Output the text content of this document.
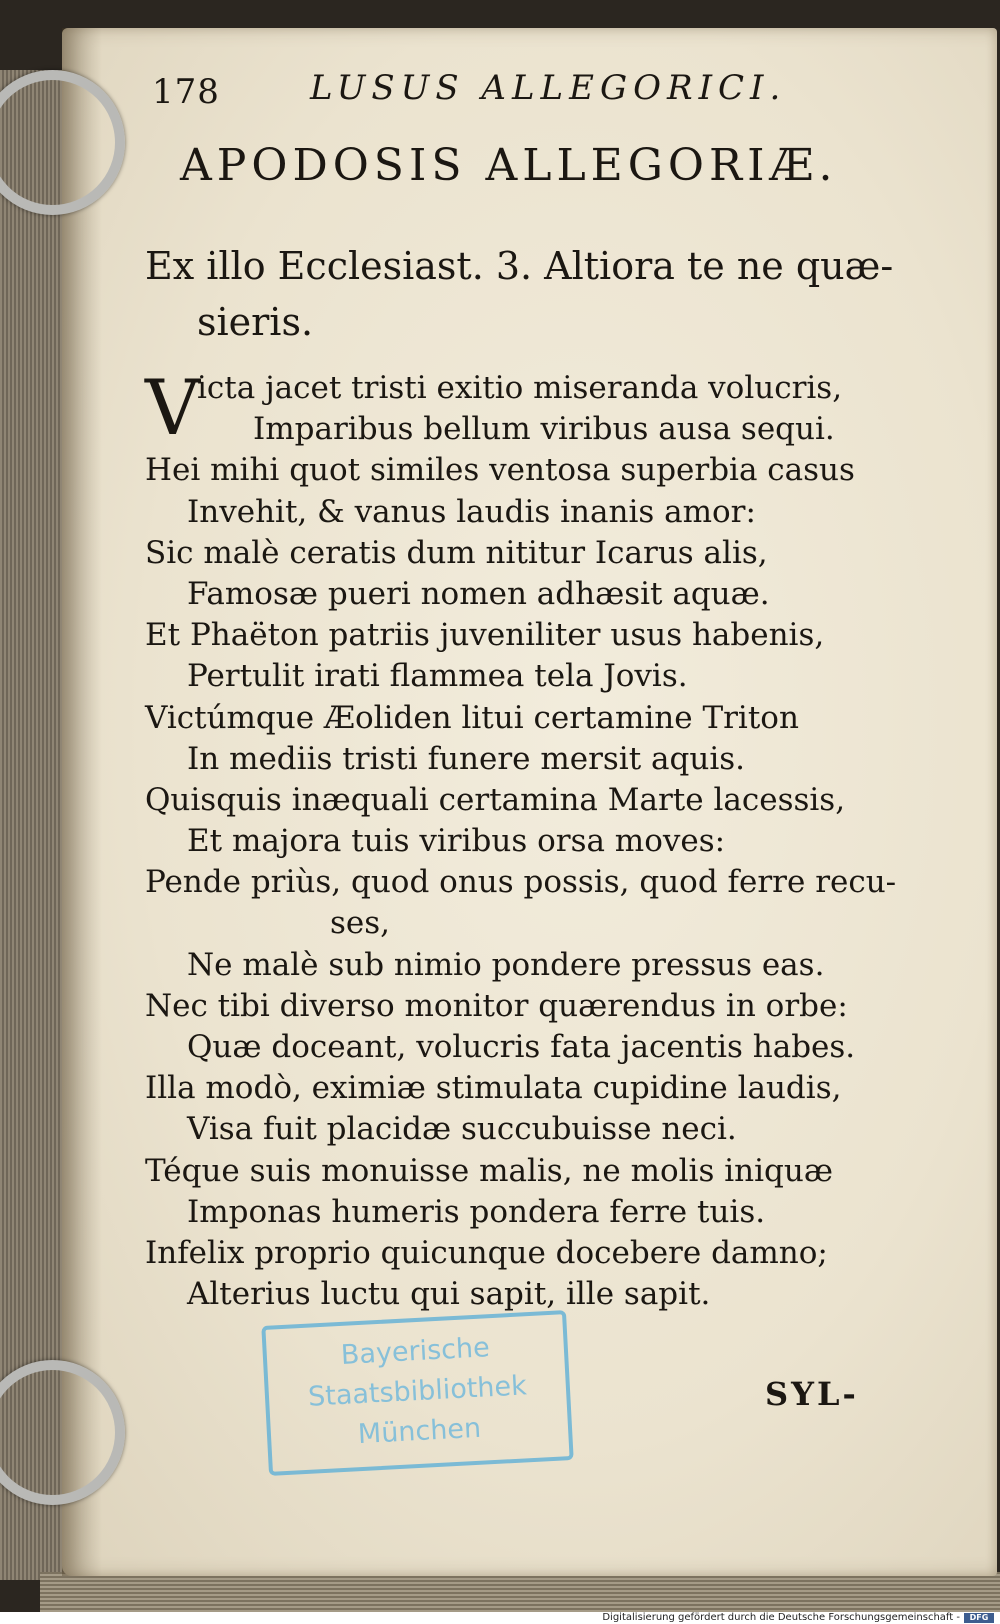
178	LUSUS ALLEGORICI.
APODOSIS ALLEGORIÆ.
Ex illo Ecclesiast. 3. Altiora te ne quæ-
sieris.
V
icta jacet tristi exitio miseranda volucris,
Imparibus bellum viribus ausa sequi.
Hei mihi quot similes ventosa superbia casus
Invehit, & vanus laudis inanis amor:
Sic malè ceratis dum nititur Icarus alis,
Famosæ pueri nomen adhæsit aquæ.
Et Phaëton patriis juveniliter usus habenis,
Pertulit irati flammea tela Jovis.
Victúmque Æoliden litui certamine Triton
In mediis tristi funere mersit aquis.
Quisquis inæquali certamina Marte lacessis,
Et majora tuis viribus orsa moves:
Pende priùs, quod onus possis, quod ferre recu-
ses,
Ne malè sub nimio pondere pressus eas.
Nec tibi diverso monitor quærendus in orbe:
Quæ doceant, volucris fata jacentis habes.
Illa modò, eximiæ stimulata cupidine laudis,
Visa fuit placidæ succubuisse neci.
Téque suis monuisse malis, ne molis iniquæ
Imponas humeris pondera ferre tuis.
Infelix proprio quicunque docebere damno;
Alterius luctu qui sapit, ille sapit.
SYL-
Bayerische
Staatsbibliothek
München
Digitalisierung gefördert durch die Deutsche Forschungsgemeinschaft -	DFG
